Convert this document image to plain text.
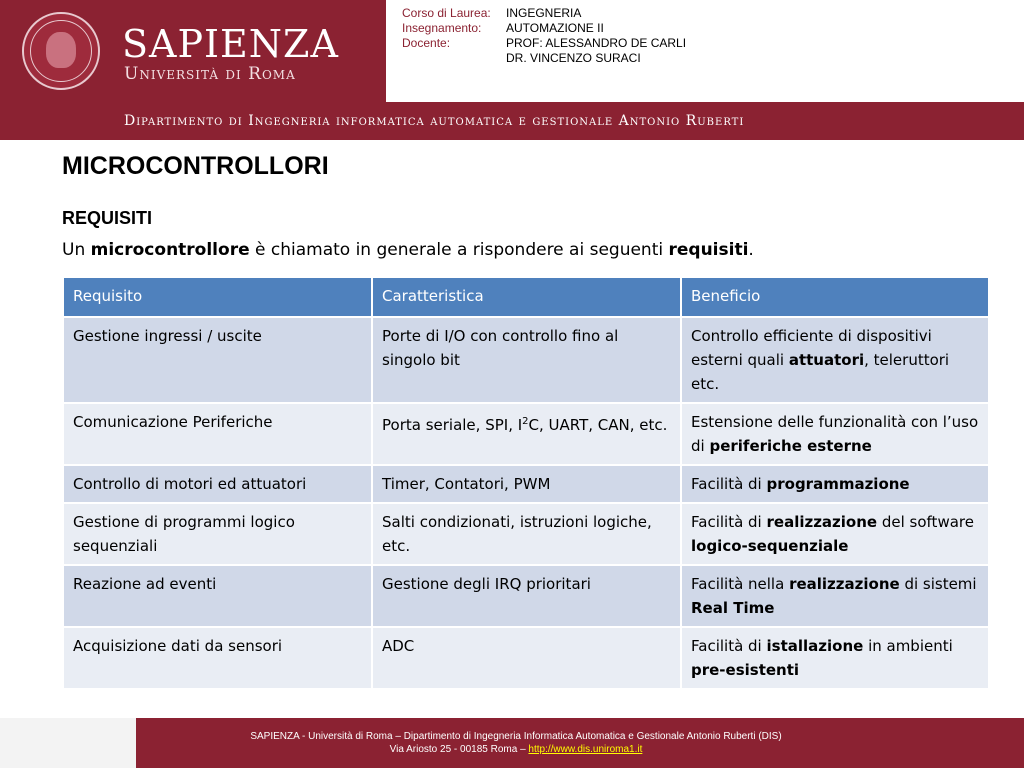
SAPIENZA
Università di Roma
Corso di Laurea: INGEGNERIA
Insegnamento: AUTOMAZIONE II
Docente:	PROF: ALESSANDRO DE CARLI
DR. VINCENZO SURACI
Dipartimento di Ingegneria informatica automatica e gestionale Antonio Ruberti
MICROCONTROLLORI
REQUISITI
Un microcontrollore è chiamato in generale a rispondere ai seguenti requisiti.
Requisito	Caratteristica	Beneficio
Gestione ingressi / uscite	Porte di I/O con controllo fino al singolo bit	Controllo efficiente di dispositivi esterni quali attuatori, teleruttori etc.
Comunicazione Periferiche	Porta seriale, SPI, $I^2C$, UART, CAN, etc.	Estensione delle funzionalità con l’uso di periferiche esterne
Controllo di motori ed attuatori	Timer, Contatori, PWM	Facilità di programmazione
Gestione di programmi logico sequenziali	Salti condizionati, istruzioni logiche, etc.	Facilità di realizzazione del software logico-sequenziale
Reazione ad eventi	Gestione degli IRQ prioritari	Facilità nella realizzazione di sistemi Real Time
Acquisizione dati da sensori	ADC	Facilità di istallazione in ambienti pre-esistenti
SAPIENZA - Università di Roma – Dipartimento di Ingegneria Informatica Automatica e Gestionale Antonio Ruberti (DIS)
Via Ariosto 25 - 00185 Roma – http://www.dis.uniroma1.it
